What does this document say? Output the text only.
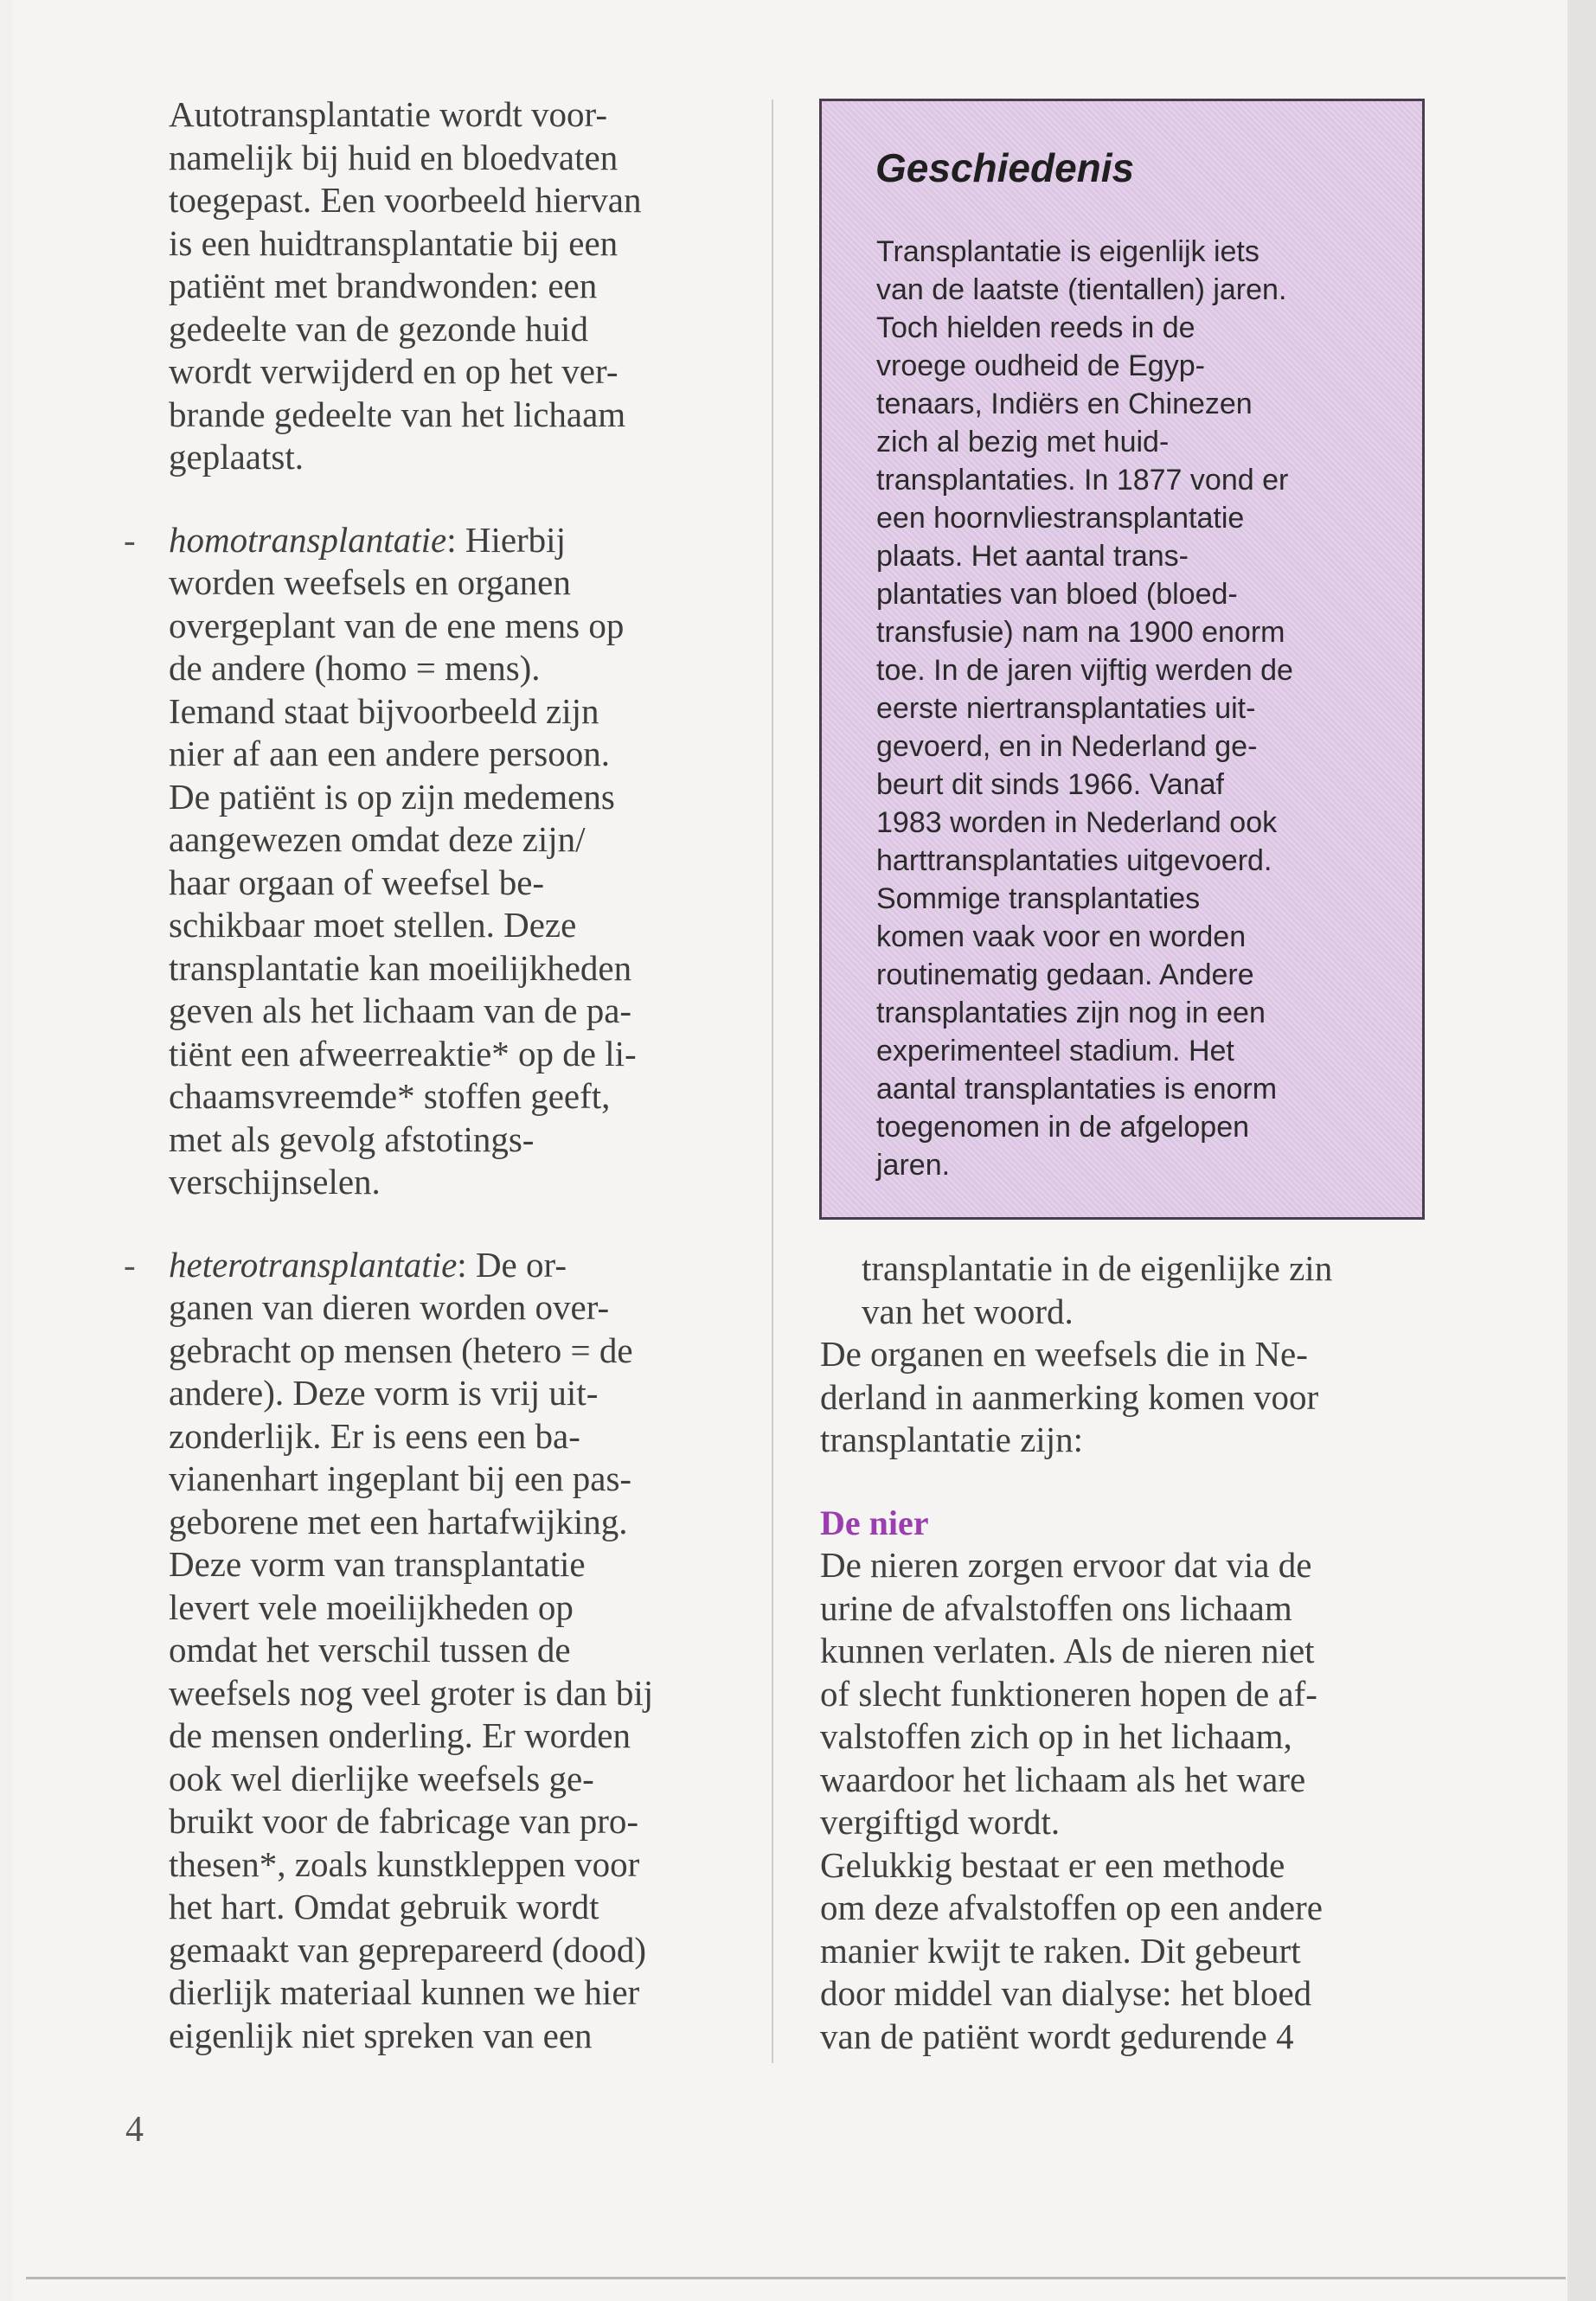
Autotransplantatie wordt voor-

namelijk bij huid en bloedvaten

toegepast. Een voorbeeld hiervan

is een huidtransplantatie bij een

patiënt met brandwonden: een

gedeelte van de gezonde huid

wordt verwijderd en op het ver-

brande gedeelte van het lichaam

geplaatst.

- homotransplantatie: Hierbij

worden weefsels en organen

overgeplant van de ene mens op

de andere (homo = mens).

Iemand staat bijvoorbeeld zijn

nier af aan een andere persoon.

De patiënt is op zijn medemens

aangewezen omdat deze zijn/

haar orgaan of weefsel be-

schikbaar moet stellen. Deze

transplantatie kan moeilijkheden

geven als het lichaam van de pa-

tiënt een afweerreaktie* op de li-

chaamsvreemde* stoffen geeft,

met als gevolg afstotings-

verschijnselen.

- heterotransplantatie: De or-

ganen van dieren worden over-

gebracht op mensen (hetero = de

andere). Deze vorm is vrij uit-

zonderlijk. Er is eens een ba-

vianenhart ingeplant bij een pas-

geborene met een hartafwijking.

Deze vorm van transplantatie

levert vele moeilijkheden op

omdat het verschil tussen de

weefsels nog veel groter is dan bij

de mensen onderling. Er worden

ook wel dierlijke weefsels ge-

bruikt voor de fabricage van pro-

thesen*, zoals kunstkleppen voor

het hart. Omdat gebruik wordt

gemaakt van geprepareerd (dood)

dierlijk materiaal kunnen we hier

eigenlijk niet spreken van een

Geschiedenis
Transplantatie is eigenlijk iets
van de laatste (tientallen) jaren.
Toch hielden reeds in de
vroege oudheid de Egyp-
tenaars, Indiërs en Chinezen
zich al bezig met huid-
transplantaties. In 1877 vond er
een hoornvliestransplantatie
plaats. Het aantal trans-
plantaties van bloed (bloed-
transfusie) nam na 1900 enorm
toe. In de jaren vijftig werden de
eerste niertransplantaties uit-
gevoerd, en in Nederland ge-
beurt dit sinds 1966. Vanaf
1983 worden in Nederland ook
harttransplantaties uitgevoerd.
Sommige transplantaties
komen vaak voor en worden
routinematig gedaan. Andere
transplantaties zijn nog in een
experimenteel stadium. Het
aantal transplantaties is enorm
toegenomen in de afgelopen
jaren.

transplantatie in de eigenlijke zin

van het woord.

De organen en weefsels die in Ne-

derland in aanmerking komen voor

transplantatie zijn:

De nier

De nieren zorgen ervoor dat via de

urine de afvalstoffen ons lichaam

kunnen verlaten. Als de nieren niet

of slecht funktioneren hopen de af-

valstoffen zich op in het lichaam,

waardoor het lichaam als het ware

vergiftigd wordt.

Gelukkig bestaat er een methode

om deze afvalstoffen op een andere

manier kwijt te raken. Dit gebeurt

door middel van dialyse: het bloed

van de patiënt wordt gedurende 4

4
